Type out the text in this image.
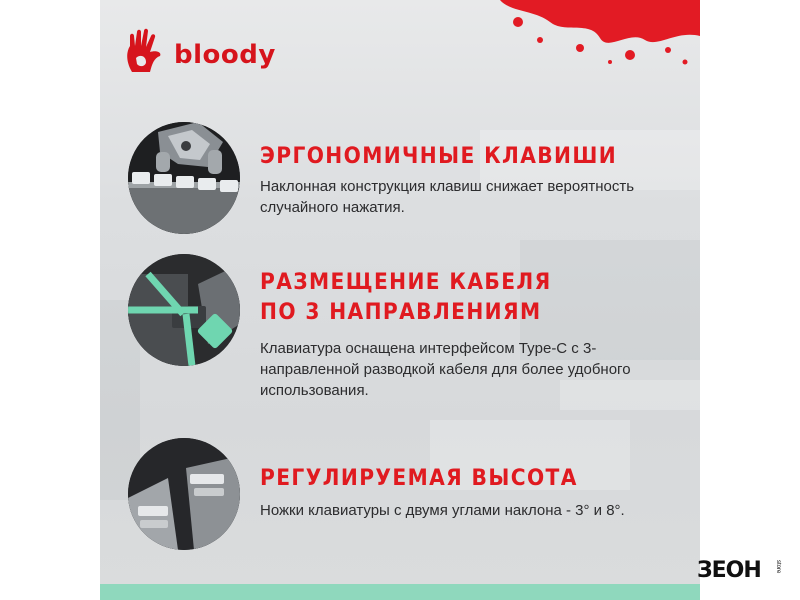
bloody
ЭРГОНОМИЧНЫЕ КЛАВИШИ

Наклонная конструкция клавиш снижает вероятность случайного нажатия.

РАЗМЕЩЕНИЕ КАБЕЛЯ
ПО 3 НАПРАВЛЕНИЯМ

Клавиатура оснащена интерфейсом Type-C с 3-направленной разводкой кабеля для более удобного использования.

РЕГУЛИРУЕМАЯ ВЫСОТА

Ножки клавиатуры с двумя углами наклона - 3° и 8°.

ЗЕОН	store
